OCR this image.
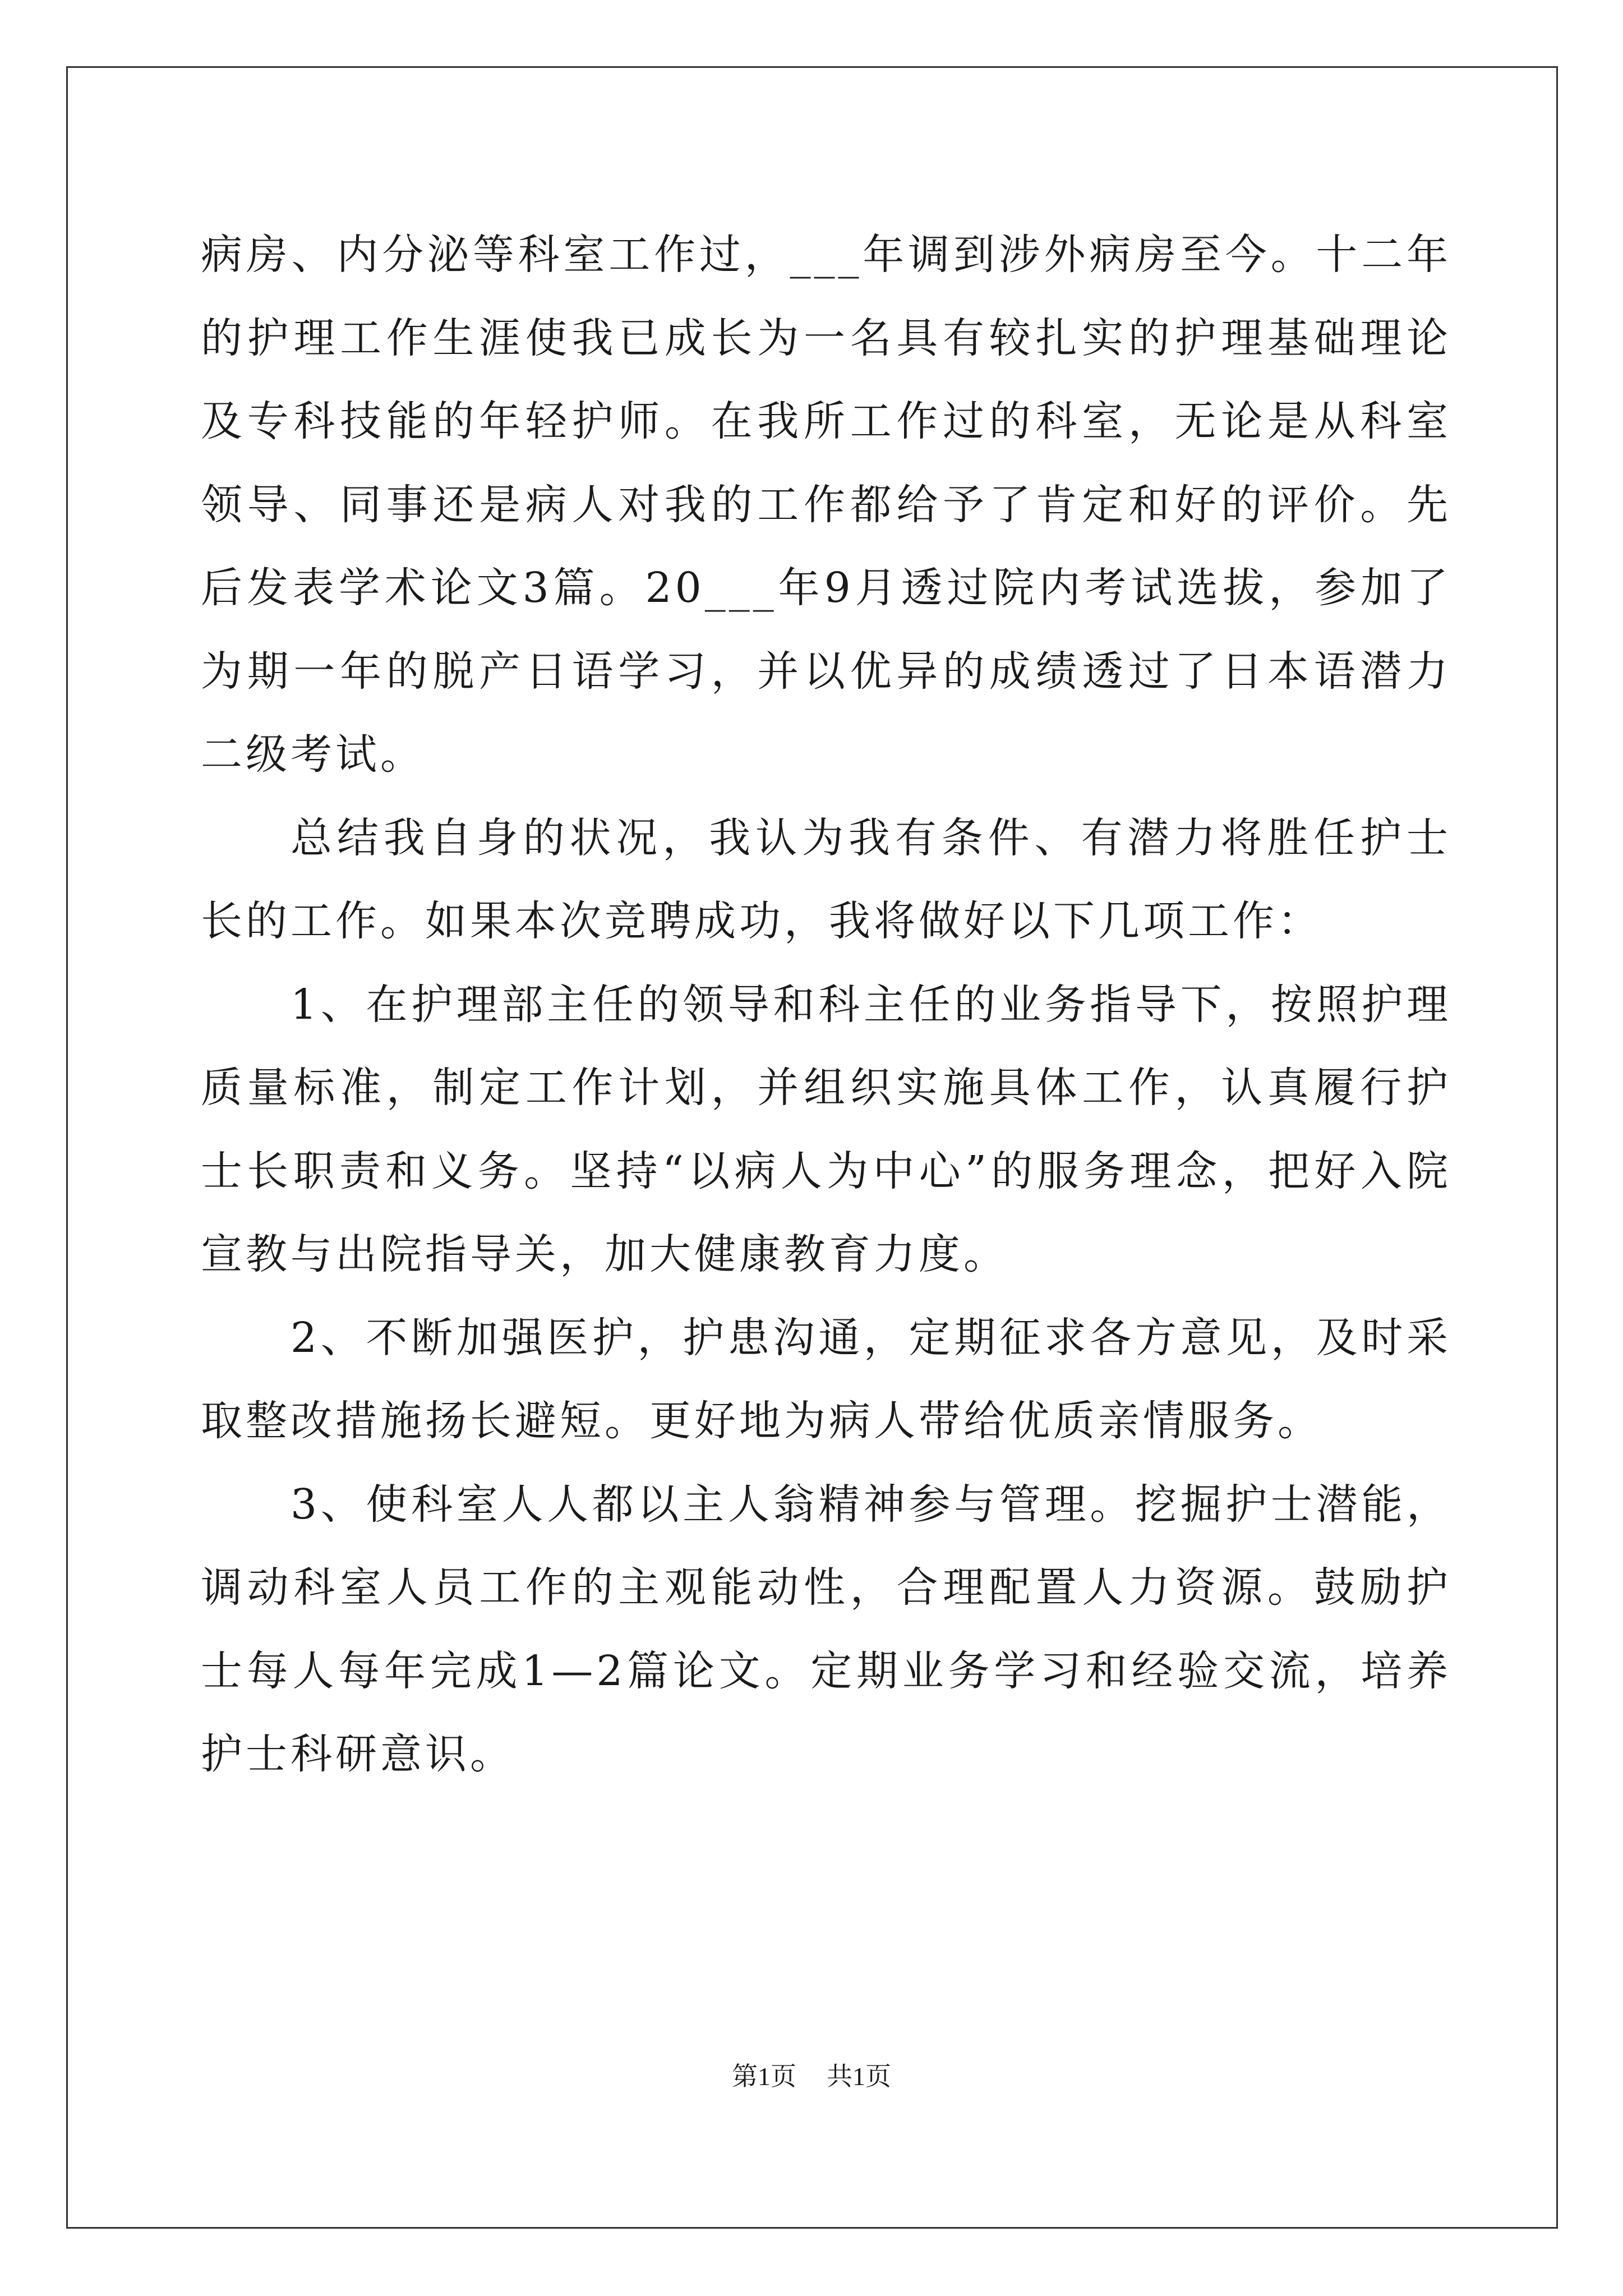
病房、内分泌等科室工作过，___年调到涉外病房至今。十二年的护理工作生涯使我已成长为一名具有较扎实的护理基础理论及专科技能的年轻护师。在我所工作过的科室，无论是从科室领导、同事还是病人对我的工作都给予了肯定和好的评价。先后发表学术论文3篇。20___年9月透过院内考试选拔，参加了为期一年的脱产日语学习，并以优异的成绩透过了日本语潜力二级考试。

总结我自身的状况，我认为我有条件、有潜力将胜任护士长的工作。如果本次竞聘成功，我将做好以下几项工作：

1、在护理部主任的领导和科主任的业务指导下，按照护理质量标准，制定工作计划，并组织实施具体工作，认真履行护士长职责和义务。坚持“以病人为中心”的服务理念，把好入院宣教与出院指导关，加大健康教育力度。

2、不断加强医护，护患沟通，定期征求各方意见，及时采取整改措施扬长避短。更好地为病人带给优质亲情服务。

3、使科室人人都以主人翁精神参与管理。挖掘护士潜能，调动科室人员工作的主观能动性，合理配置人力资源。鼓励护士每人每年完成1—2篇论文。定期业务学习和经验交流，培养护士科研意识。

第1页 共1页
